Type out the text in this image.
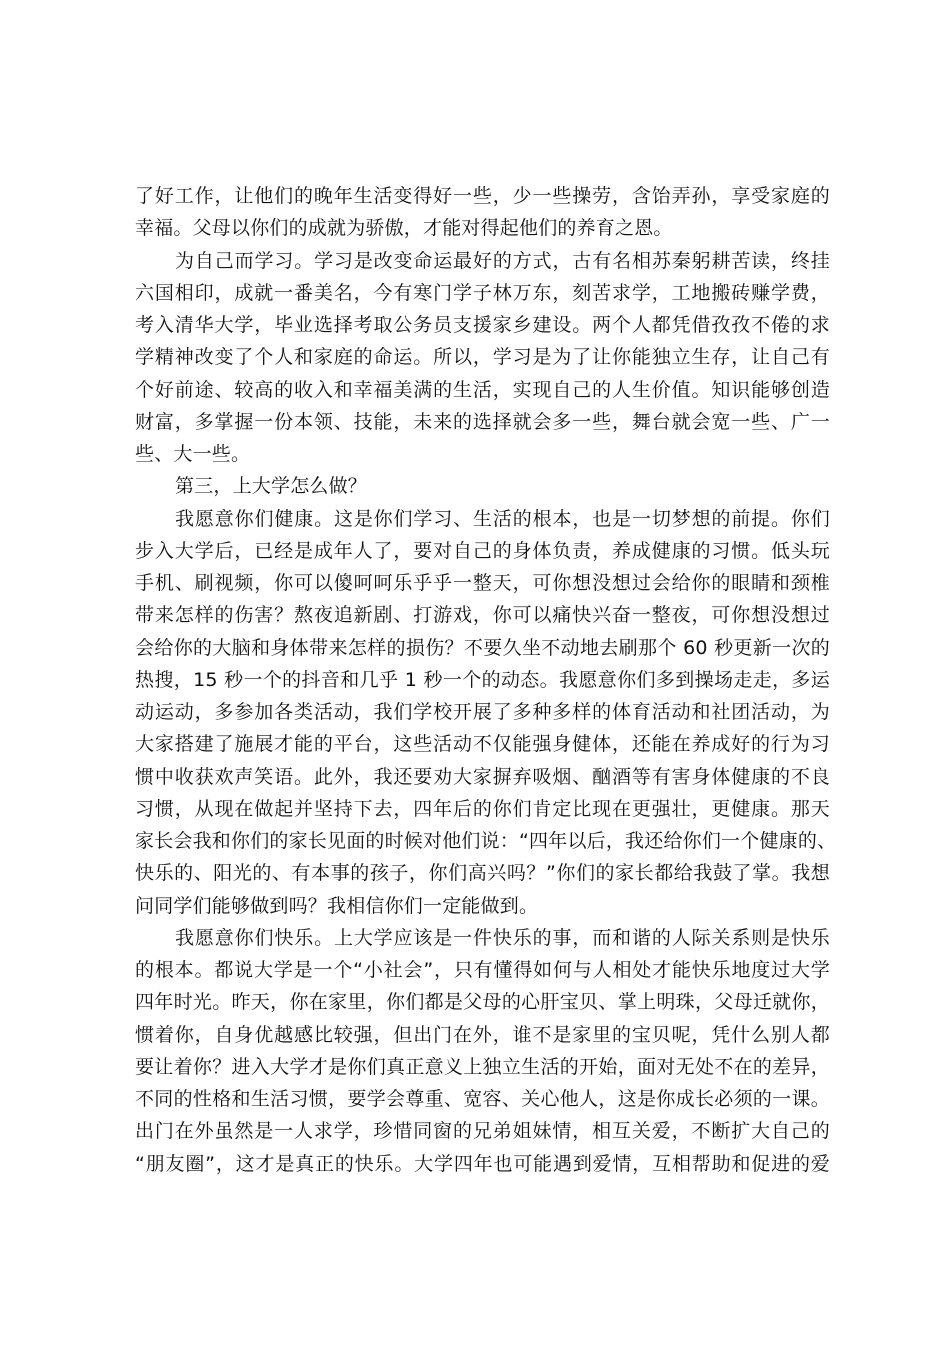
了好工作，让他们的晚年生活变得好一些，少一些操劳，含饴弄孙，享受家庭的
幸福。父母以你们的成就为骄傲，才能对得起他们的养育之恩。
为自己而学习。学习是改变命运最好的方式，古有名相苏秦躬耕苦读，终挂
六国相印，成就一番美名，今有寒门学子林万东，刻苦求学，工地搬砖赚学费，
考入清华大学，毕业选择考取公务员支援家乡建设。两个人都凭借孜孜不倦的求
学精神改变了个人和家庭的命运。所以，学习是为了让你能独立生存，让自己有
个好前途、较高的收入和幸福美满的生活，实现自己的人生价值。知识能够创造
财富，多掌握一份本领、技能，未来的选择就会多一些，舞台就会宽一些、广一
些、大一些。
第三，上大学怎么做？
我愿意你们健康。这是你们学习、生活的根本，也是一切梦想的前提。你们
步入大学后，已经是成年人了，要对自己的身体负责，养成健康的习惯。低头玩
手机、刷视频，你可以傻呵呵乐乎乎一整天，可你想没想过会给你的眼睛和颈椎
带来怎样的伤害？熬夜追新剧、打游戏，你可以痛快兴奋一整夜，可你想没想过
会给你的大脑和身体带来怎样的损伤？不要久坐不动地去刷那个 60 秒更新一次的
热搜，15 秒一个的抖音和几乎 1 秒一个的动态。我愿意你们多到操场走走，多运
动运动，多参加各类活动，我们学校开展了多种多样的体育活动和社团活动，为
大家搭建了施展才能的平台，这些活动不仅能强身健体，还能在养成好的行为习
惯中收获欢声笑语。此外，我还要劝大家摒弃吸烟、酗酒等有害身体健康的不良
习惯，从现在做起并坚持下去，四年后的你们肯定比现在更强壮，更健康。那天
家长会我和你们的家长见面的时候对他们说：“四年以后，我还给你们一个健康的、
快乐的、阳光的、有本事的孩子，你们高兴吗？”你们的家长都给我鼓了掌。我想
问同学们能够做到吗？我相信你们一定能做到。
我愿意你们快乐。上大学应该是一件快乐的事，而和谐的人际关系则是快乐
的根本。都说大学是一个“小社会”，只有懂得如何与人相处才能快乐地度过大学
四年时光。昨天，你在家里，你们都是父母的心肝宝贝、掌上明珠，父母迁就你，
惯着你，自身优越感比较强，但出门在外，谁不是家里的宝贝呢，凭什么别人都
要让着你？进入大学才是你们真正意义上独立生活的开始，面对无处不在的差异，
不同的性格和生活习惯，要学会尊重、宽容、关心他人，这是你成长必须的一课。
出门在外虽然是一人求学，珍惜同窗的兄弟姐妹情，相互关爱，不断扩大自己的
“朋友圈”，这才是真正的快乐。大学四年也可能遇到爱情，互相帮助和促进的爱
